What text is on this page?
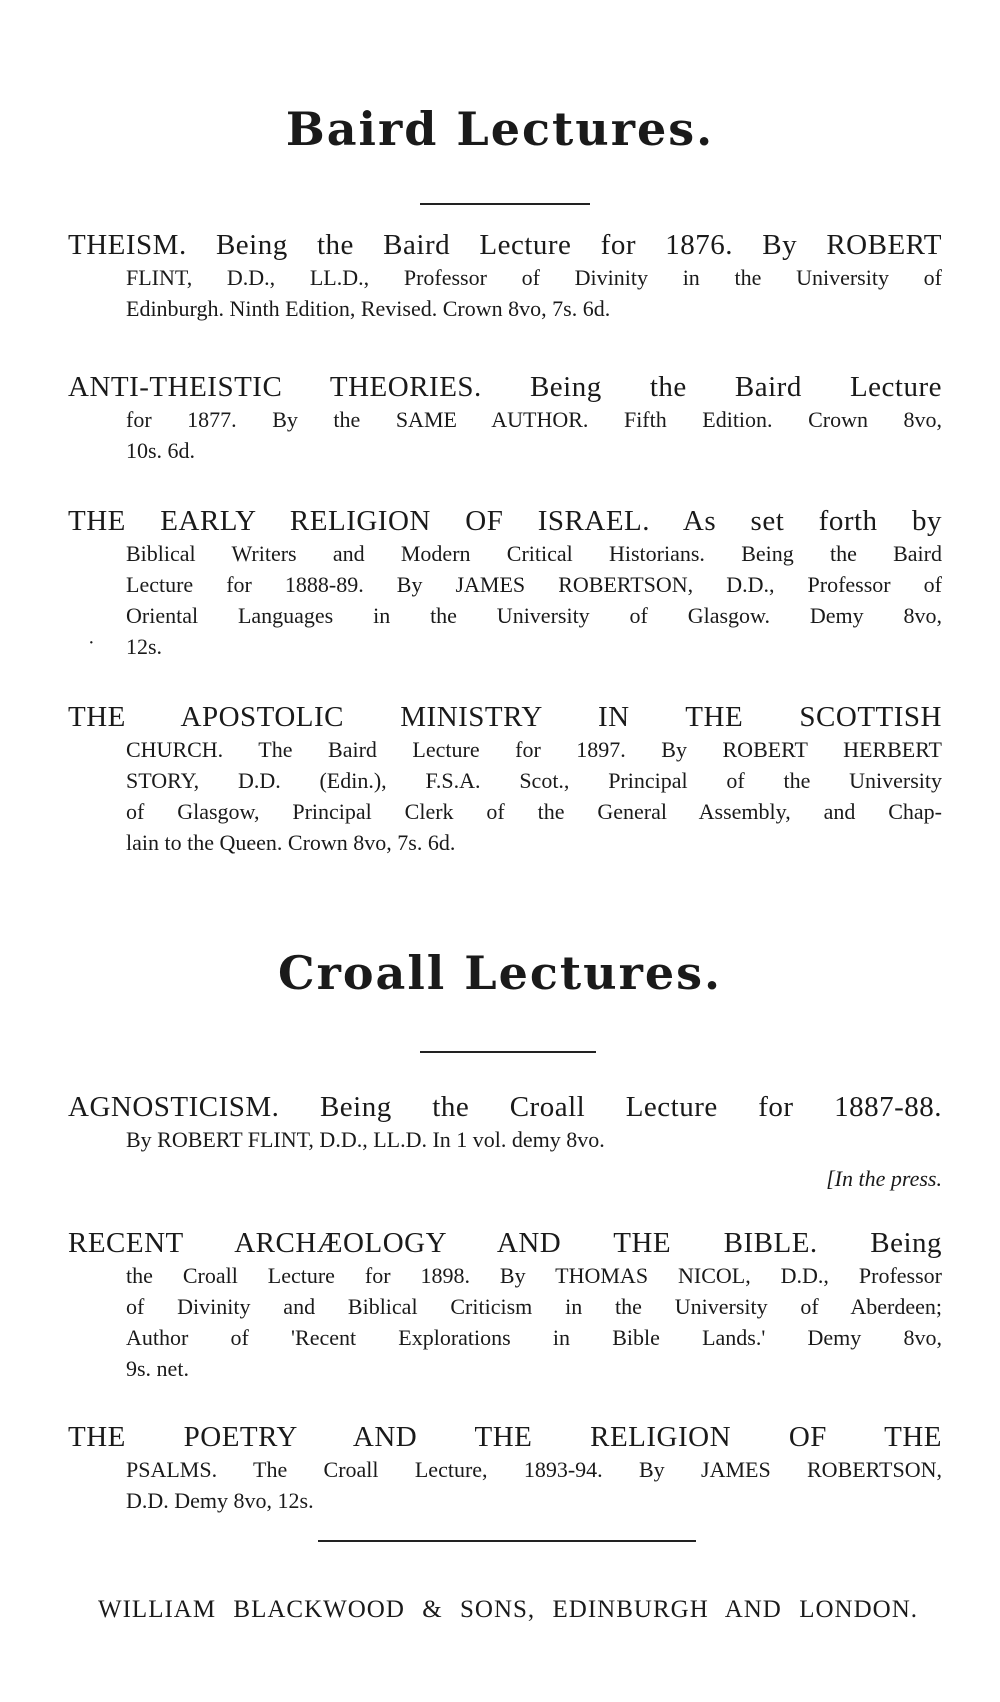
Baird Lectures.
THEISM. Being the Baird Lecture for 1876. By ROBERT
FLINT, D.D., LL.D., Professor of Divinity in the University of
Edinburgh. Ninth Edition, Revised. Crown 8vo, 7s. 6d.
ANTI-THEISTIC THEORIES. Being the Baird Lecture
for 1877. By the SAME AUTHOR. Fifth Edition. Crown 8vo,
10s. 6d.
THE EARLY RELIGION OF ISRAEL. As set forth by
Biblical Writers and Modern Critical Historians. Being the Baird
Lecture for 1888-89. By JAMES ROBERTSON, D.D., Professor of
Oriental Languages in the University of Glasgow. Demy 8vo,
12s.
·
THE APOSTOLIC MINISTRY IN THE SCOTTISH
CHURCH. The Baird Lecture for 1897. By ROBERT HERBERT
STORY, D.D. (Edin.), F.S.A. Scot., Principal of the University
of Glasgow, Principal Clerk of the General Assembly, and Chap-
lain to the Queen. Crown 8vo, 7s. 6d.
Croall Lectures.
AGNOSTICISM. Being the Croall Lecture for 1887-88.
By ROBERT FLINT, D.D., LL.D. In 1 vol. demy 8vo.
[In the press.
RECENT ARCHÆOLOGY AND THE BIBLE. Being
the Croall Lecture for 1898. By THOMAS NICOL, D.D., Professor
of Divinity and Biblical Criticism in the University of Aberdeen;
Author of 'Recent Explorations in Bible Lands.' Demy 8vo,
9s. net.
THE POETRY AND THE RELIGION OF THE
PSALMS. The Croall Lecture, 1893-94. By JAMES ROBERTSON,
D.D. Demy 8vo, 12s.
WILLIAM BLACKWOOD & SONS, EDINBURGH AND LONDON.
